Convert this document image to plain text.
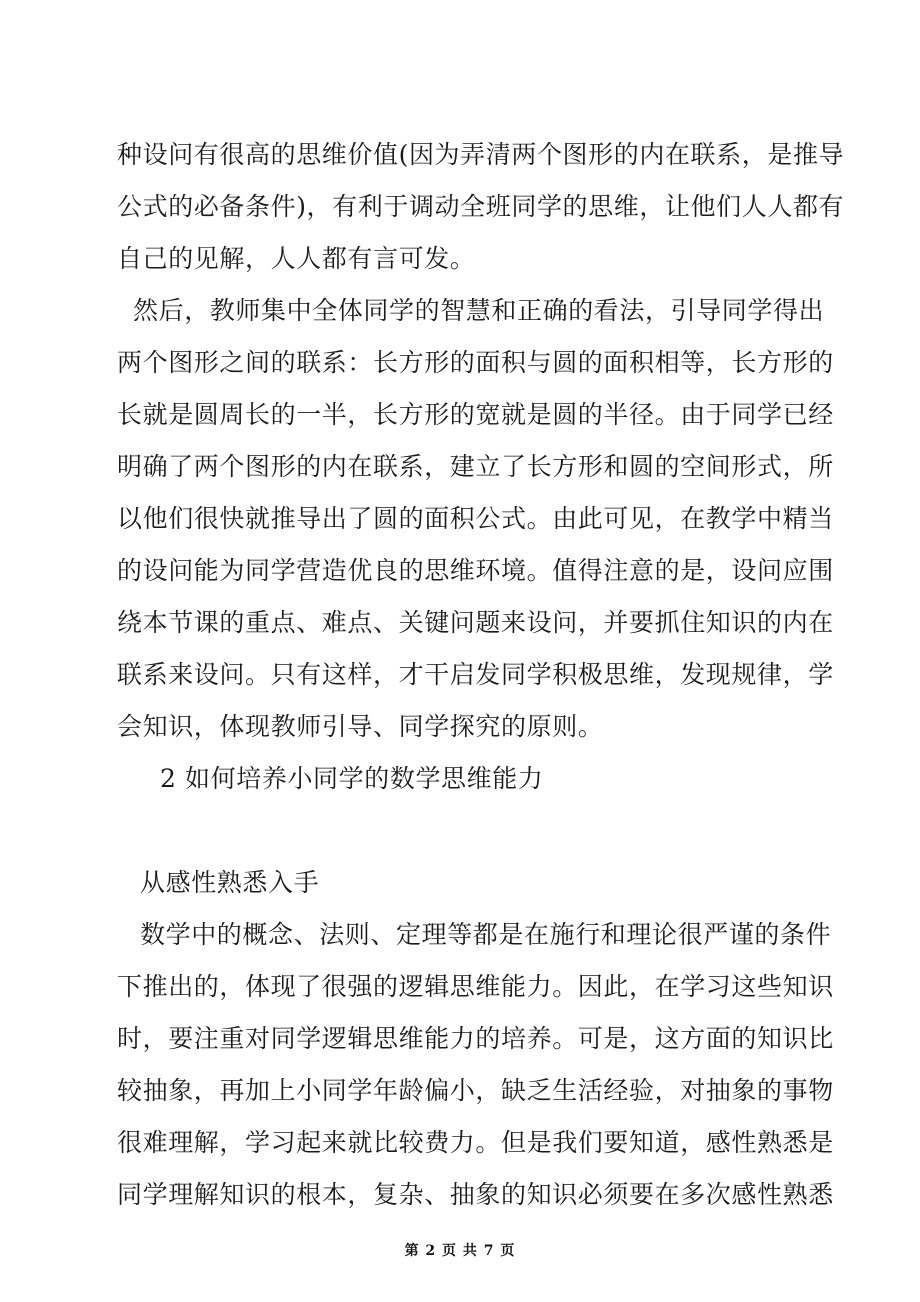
种设问有很高的思维价值(因为弄清两个图形的内在联系，是推导
公式的必备条件)，有利于调动全班同学的思维，让他们人人都有
自己的见解，人人都有言可发。
然后，教师集中全体同学的智慧和正确的看法，引导同学得出
两个图形之间的联系：长方形的面积与圆的面积相等，长方形的
长就是圆周长的一半，长方形的宽就是圆的半径。由于同学已经
明确了两个图形的内在联系，建立了长方形和圆的空间形式，所
以他们很快就推导出了圆的面积公式。由此可见，在教学中精当
的设问能为同学营造优良的思维环境。值得注意的是，设问应围
绕本节课的重点、难点、关键问题来设问，并要抓住知识的内在
联系来设问。只有这样，才干启发同学积极思维，发现规律，学
会知识，体现教师引导、同学探究的原则。
2 如何培养小同学的数学思维能力
从感性熟悉入手
数学中的概念、法则、定理等都是在施行和理论很严谨的条件
下推出的，体现了很强的逻辑思维能力。因此，在学习这些知识
时，要注重对同学逻辑思维能力的培养。可是，这方面的知识比
较抽象，再加上小同学年龄偏小，缺乏生活经验，对抽象的事物
很难理解，学习起来就比较费力。但是我们要知道，感性熟悉是
同学理解知识的根本，复杂、抽象的知识必须要在多次感性熟悉
第 2 页 共 7 页
